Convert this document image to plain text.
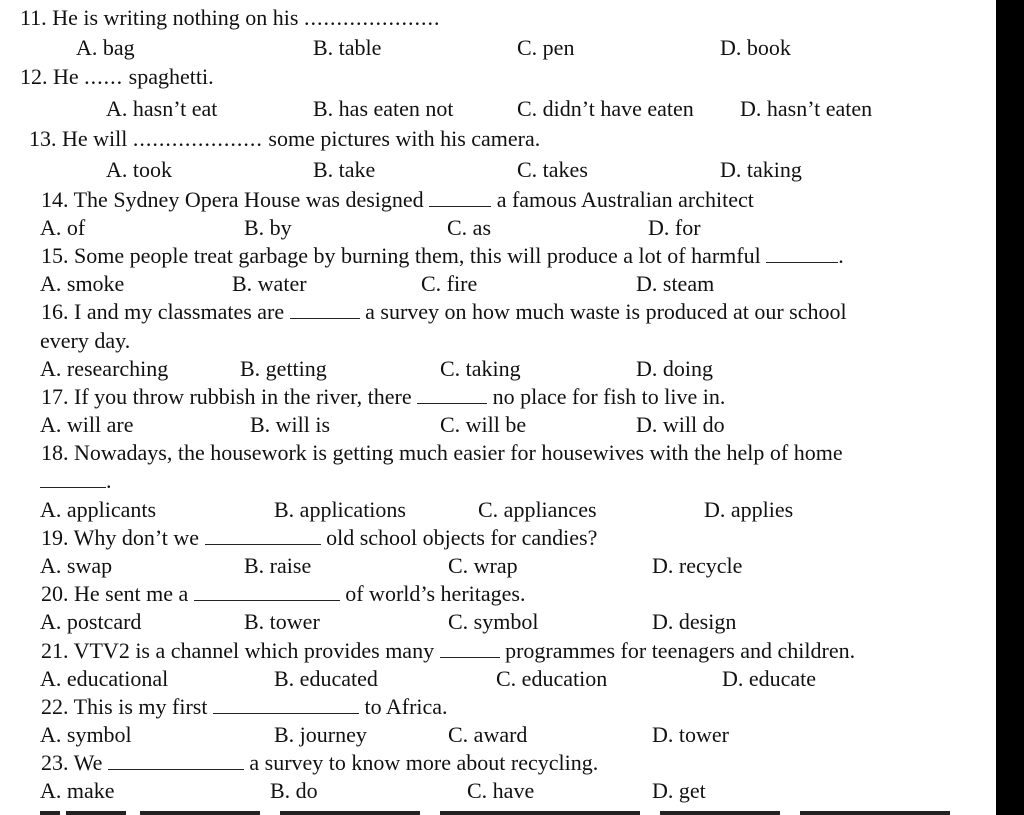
11. He is writing nothing on his .....................
A. bag	B. table	C. pen	D. book
12. He ...... spaghetti.
A. hasn’t eat	B. has eaten not	C. didn’t have eaten D. hasn’t eaten
13. He will .................... some pictures with his camera.
A. took	B. take	C. takes	D. taking
14. The Sydney Opera House was designed	a famous Australian architect
A. of	B. by	C. as	D. for
15. Some people treat garbage by burning them, this will produce a lot of harmful	.
A. smoke	B. water	C. fire	D. steam
16. I and my classmates are	a survey on how much waste is produced at our school
every day.
A. researching	B. getting	C. taking	D. doing
17. If you throw rubbish in the river, there	no place for fish to live in.
A. will are	B. will is	C. will be	D. will do
18. Nowadays, the housework is getting much easier for housewives with the help of home
.
A. applicants	B. applications	C. appliances	D. applies
19. Why don’t we	old school objects for candies?
A. swap	B. raise	C. wrap	D. recycle
20. He sent me a	of world’s heritages.
A. postcard	B. tower	C. symbol	D. design
21. VTV2 is a channel which provides many	programmes for teenagers and children.
A. educational	B. educated	C. education	D. educate
22. This is my first	to Africa.
A. symbol	B. journey	C. award	D. tower
23. We	a survey to know more about recycling.
A. make	B. do	C. have	D. get
